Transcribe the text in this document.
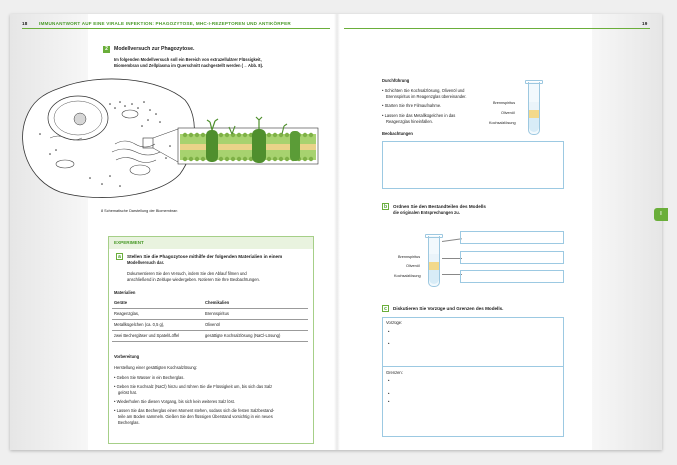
18 IMMUNANTWORT AUF EINE VIRALE INFEKTION: PHAGOZYTOSE, MHC-I-REZEPTOREN UND ANTIKÖRPER	19
2 Modellversuch zur Phagozytose.
Im folgenden Modellversuch soll ein Bereich von extrazellulärer Flüssigkeit,
Biomembran und Zellplasma im Querschnitt nachgestellt werden (→ Abb. 8).
8 Schematische Darstellung der Biomembran
EXPERIMENT
a Stellen Sie die Phagozytose mithilfe der folgenden Materialien in einem
Modellversuch dar.
Dokumentieren Sie den Versuch, indem Sie den Ablauf filmen und
anschließend in Zeitlupe wiedergeben. Notieren Sie Ihre Beobachtungen.
Materialien
Geräte	Chemikalien
Reagenzglas,	Brennspiritus
Metallkügelchen (ca. 0,5 g),	Olivenöl
zwei Bechergläser und Spatel/Löffel	gesättigte Kochsalzlösung (NaCl-Lösung)
Vorbereitung
Herstellung einer gesättigten Kochsalzlösung:
• Geben Sie Wasser in ein Becherglas.
• Geben Sie Kochsalz (NaCl) hinzu und rühren Sie die Flüssigkeit um, bis sich das Salz
gelöst hat.
• Wiederholen Sie diesen Vorgang, bis sich kein weiteres Salz löst.
• Lassen Sie das Becherglas einen Moment stehen, sodass sich die festen Salzbestand-
teile am Boden sammeln. Gießen Sie den flüssigen Überstand vorsichtig in ein neues
Becherglas.
Durchführung
• Schichten Sie Kochsalzlösung, Olivenöl und
Brennspiritus im Reagenzglas übereinander.
• Starten Sie Ihre Filmaufnahme.
• Lassen Sie das Metallkügelchen in das
Reagenzglas hineinfallen.
Brennspiritus
Olivenöl
Kochsalzlösung
Beobachtungen
b Ordnen Sie den Bestandteilen des Modells
die originalen Entsprechungen zu.
Brennspiritus
Olivenöl
Kochsalzlösung
c Diskutieren Sie Vorzüge und Grenzen des Modells.
Vorzüge:
•
•
Grenzen:
•
•
•
I
